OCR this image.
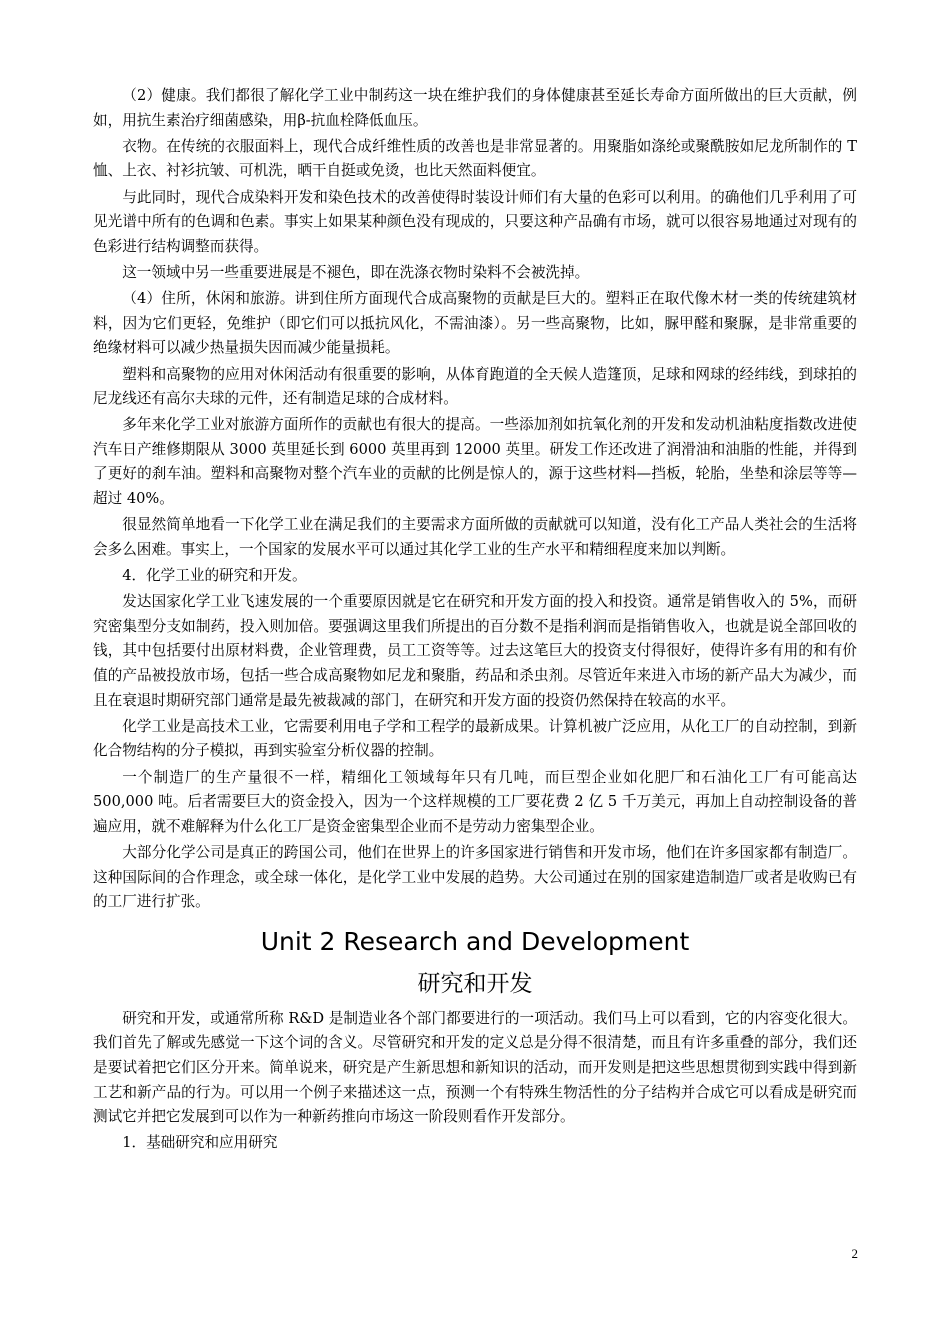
（2）健康。我们都很了解化学工业中制药这一块在维护我们的身体健康甚至延长寿命方面所做出的巨大贡献，例如，用抗生素治疗细菌感染，用β-抗血栓降低血压。

衣物。在传统的衣服面料上，现代合成纤维性质的改善也是非常显著的。用聚脂如涤纶或聚酰胺如尼龙所制作的 T 恤、上衣、衬衫抗皱、可机洗，晒干自挺或免烫，也比天然面料便宜。

与此同时，现代合成染料开发和染色技术的改善使得时装设计师们有大量的色彩可以利用。的确他们几乎利用了可见光谱中所有的色调和色素。事实上如果某种颜色没有现成的，只要这种产品确有市场，就可以很容易地通过对现有的色彩进行结构调整而获得。

这一领域中另一些重要进展是不褪色，即在洗涤衣物时染料不会被洗掉。

（4）住所，休闲和旅游。讲到住所方面现代合成高聚物的贡献是巨大的。塑料正在取代像木材一类的传统建筑材料，因为它们更轻，免维护（即它们可以抵抗风化，不需油漆）。另一些高聚物，比如，脲甲醛和聚脲，是非常重要的绝缘材料可以减少热量损失因而减少能量损耗。

塑料和高聚物的应用对休闲活动有很重要的影响，从体育跑道的全天候人造篷顶，足球和网球的经纬线，到球拍的尼龙线还有高尔夫球的元件，还有制造足球的合成材料。

多年来化学工业对旅游方面所作的贡献也有很大的提高。一些添加剂如抗氧化剂的开发和发动机油粘度指数改进使汽车日产维修期限从 3000 英里延长到 6000 英里再到 12000 英里。研发工作还改进了润滑油和油脂的性能，并得到了更好的刹车油。塑料和高聚物对整个汽车业的贡献的比例是惊人的，源于这些材料—挡板，轮胎，坐垫和涂层等等—超过 40%。

很显然简单地看一下化学工业在满足我们的主要需求方面所做的贡献就可以知道，没有化工产品人类社会的生活将会多么困难。事实上，一个国家的发展水平可以通过其化学工业的生产水平和精细程度来加以判断。

4．化学工业的研究和开发。

发达国家化学工业飞速发展的一个重要原因就是它在研究和开发方面的投入和投资。通常是销售收入的 5%，而研究密集型分支如制药，投入则加倍。要强调这里我们所提出的百分数不是指利润而是指销售收入，也就是说全部回收的钱，其中包括要付出原材料费，企业管理费，员工工资等等。过去这笔巨大的投资支付得很好，使得许多有用的和有价值的产品被投放市场，包括一些合成高聚物如尼龙和聚脂，药品和杀虫剂。尽管近年来进入市场的新产品大为减少，而且在衰退时期研究部门通常是最先被裁减的部门，在研究和开发方面的投资仍然保持在较高的水平。

化学工业是高技术工业，它需要利用电子学和工程学的最新成果。计算机被广泛应用，从化工厂的自动控制，到新化合物结构的分子模拟，再到实验室分析仪器的控制。

一个制造厂的生产量很不一样，精细化工领域每年只有几吨，而巨型企业如化肥厂和石油化工厂有可能高达 500,000 吨。后者需要巨大的资金投入，因为一个这样规模的工厂要花费 2 亿 5 千万美元，再加上自动控制设备的普遍应用，就不难解释为什么化工厂是资金密集型企业而不是劳动力密集型企业。

大部分化学公司是真正的跨国公司，他们在世界上的许多国家进行销售和开发市场，他们在许多国家都有制造厂。这种国际间的合作理念，或全球一体化，是化学工业中发展的趋势。大公司通过在别的国家建造制造厂或者是收购已有的工厂进行扩张。

Unit 2 Research and Development
研究和开发

研究和开发，或通常所称 R&D 是制造业各个部门都要进行的一项活动。我们马上可以看到，它的内容变化很大。我们首先了解或先感觉一下这个词的含义。尽管研究和开发的定义总是分得不很清楚，而且有许多重叠的部分，我们还是要试着把它们区分开来。简单说来，研究是产生新思想和新知识的活动，而开发则是把这些思想贯彻到实践中得到新工艺和新产品的行为。可以用一个例子来描述这一点，预测一个有特殊生物活性的分子结构并合成它可以看成是研究而测试它并把它发展到可以作为一种新药推向市场这一阶段则看作开发部分。

1．基础研究和应用研究

2
